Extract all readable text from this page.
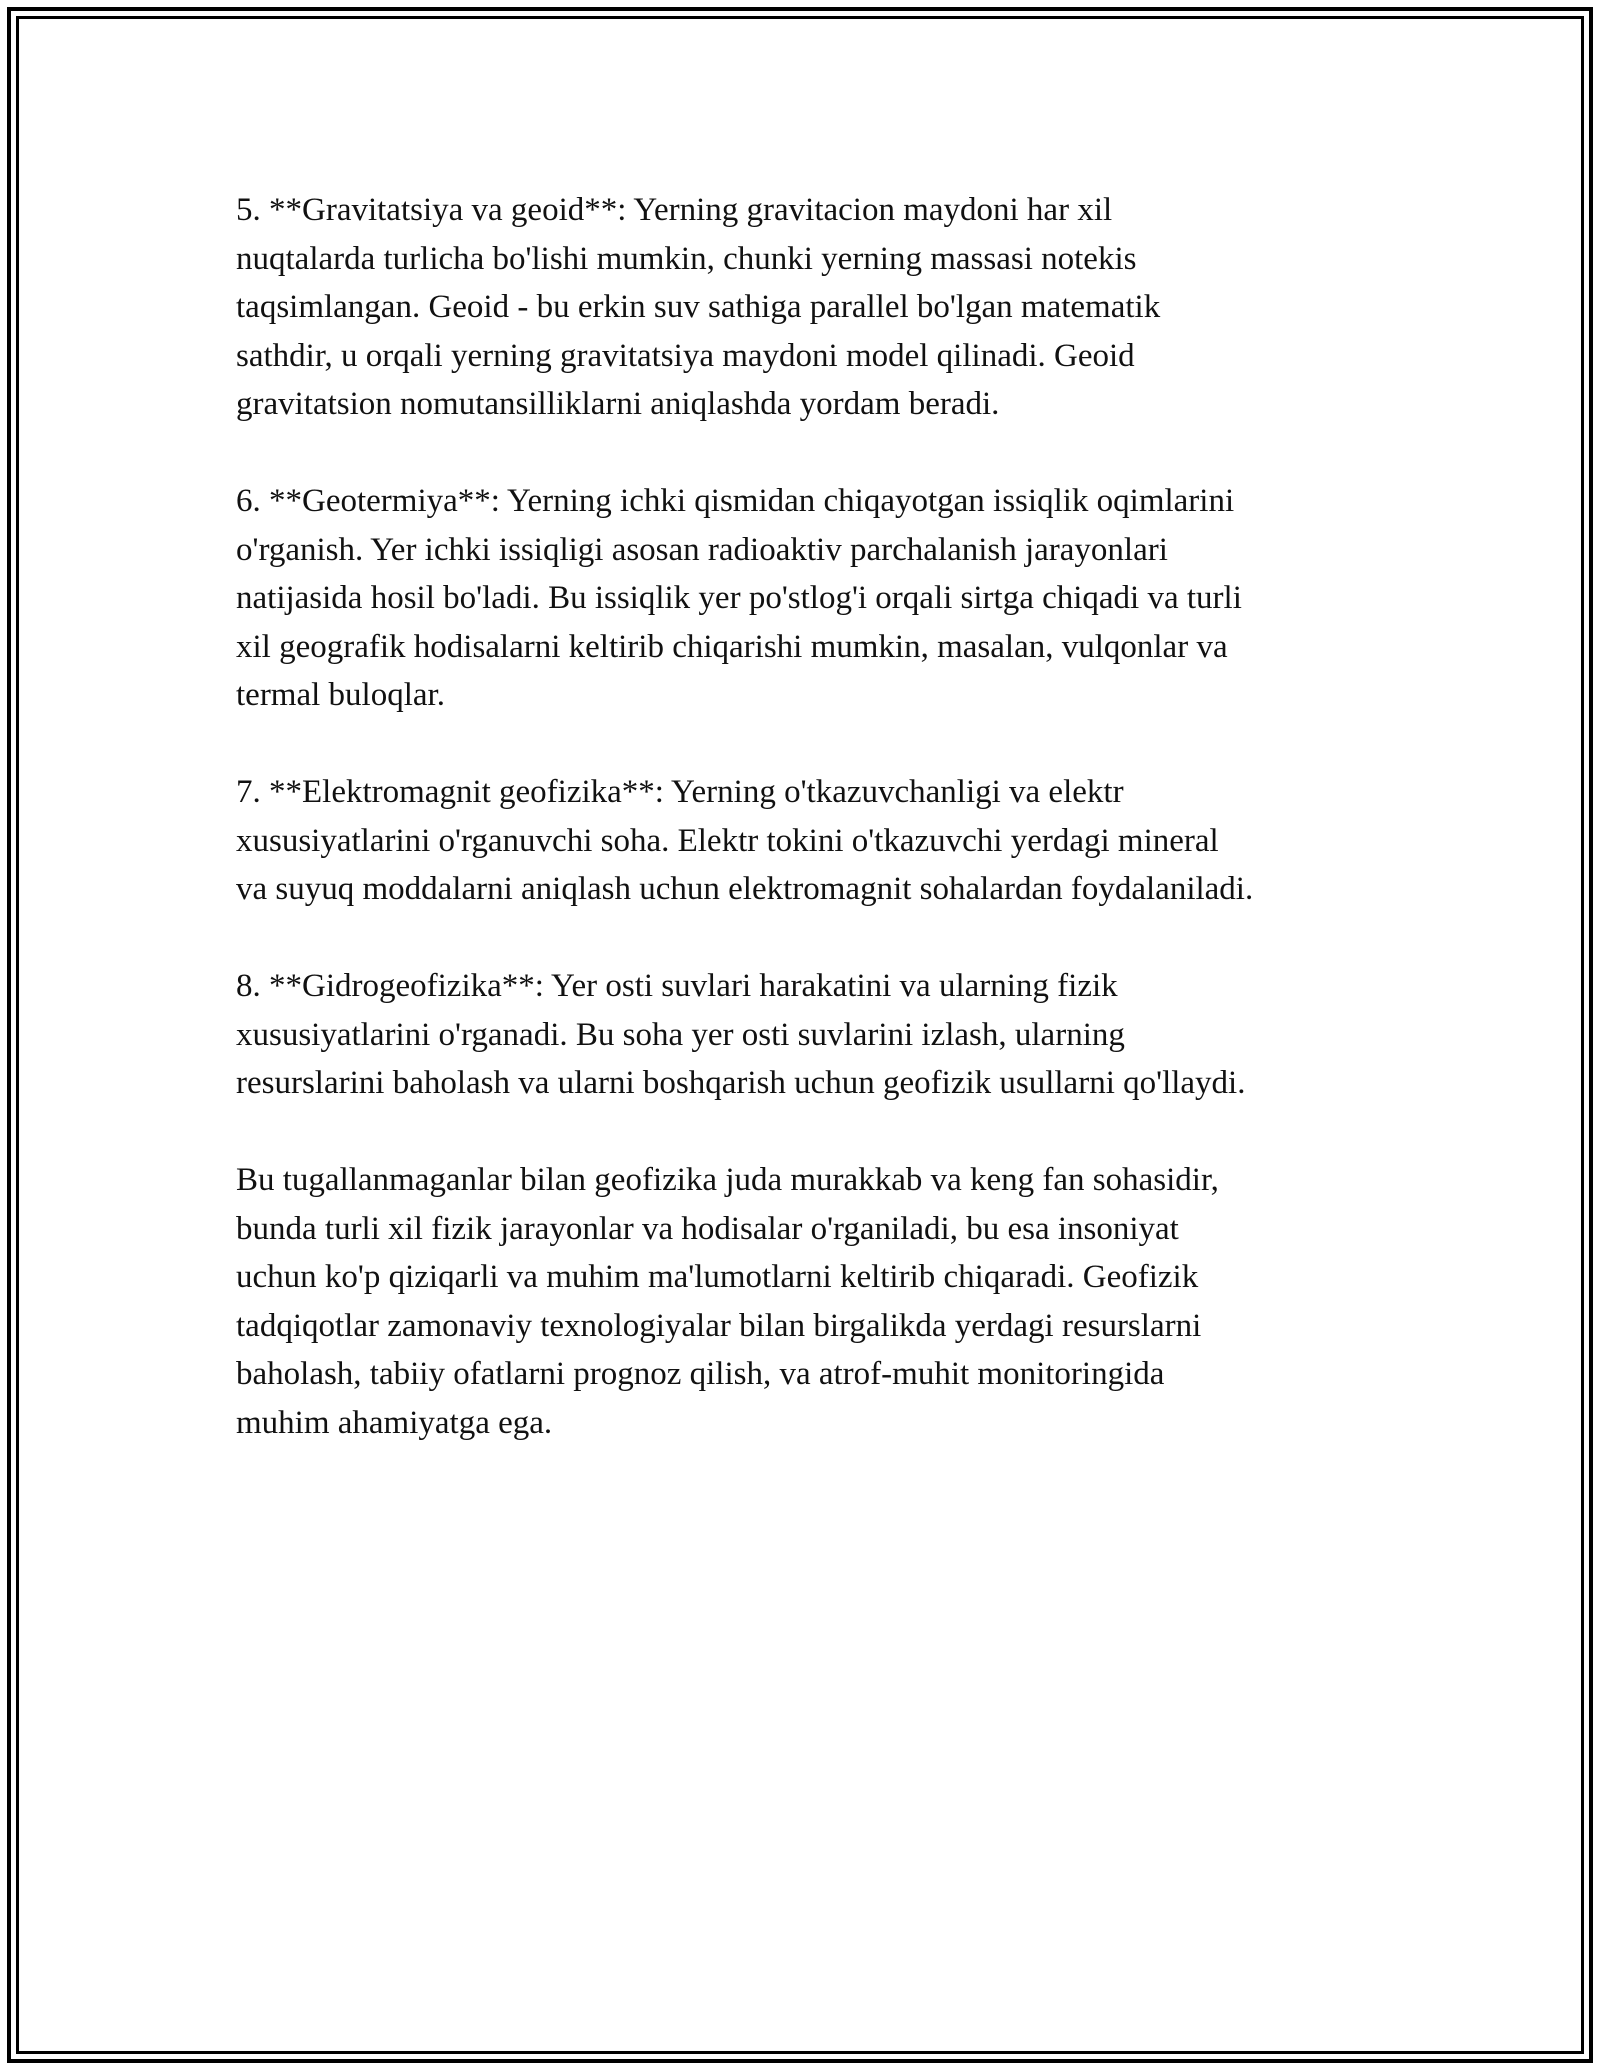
5. **Gravitatsiya va geoid**: Yerning gravitacion maydoni har xil
nuqtalarda turlicha bo'lishi mumkin, chunki yerning massasi notekis
taqsimlangan. Geoid - bu erkin suv sathiga parallel bo'lgan matematik
sathdir, u orqali yerning gravitatsiya maydoni model qilinadi. Geoid
gravitatsion nomutansilliklarni aniqlashda yordam beradi.

6. **Geotermiya**: Yerning ichki qismidan chiqayotgan issiqlik oqimlarini
o'rganish. Yer ichki issiqligi asosan radioaktiv parchalanish jarayonlari
natijasida hosil bo'ladi. Bu issiqlik yer po'stlog'i orqali sirtga chiqadi va turli
xil geografik hodisalarni keltirib chiqarishi mumkin, masalan, vulqonlar va
termal buloqlar.

7. **Elektromagnit geofizika**: Yerning o'tkazuvchanligi va elektr
xususiyatlarini o'rganuvchi soha. Elektr tokini o'tkazuvchi yerdagi mineral
va suyuq moddalarni aniqlash uchun elektromagnit sohalardan foydalaniladi.

8. **Gidrogeofizika**: Yer osti suvlari harakatini va ularning fizik
xususiyatlarini o'rganadi. Bu soha yer osti suvlarini izlash, ularning
resurslarini baholash va ularni boshqarish uchun geofizik usullarni qo'llaydi.

Bu tugallanmaganlar bilan geofizika juda murakkab va keng fan sohasidir,
bunda turli xil fizik jarayonlar va hodisalar o'rganiladi, bu esa insoniyat
uchun ko'p qiziqarli va muhim ma'lumotlarni keltirib chiqaradi. Geofizik
tadqiqotlar zamonaviy texnologiyalar bilan birgalikda yerdagi resurslarni
baholash, tabiiy ofatlarni prognoz qilish, va atrof-muhit monitoringida
muhim ahamiyatga ega.
